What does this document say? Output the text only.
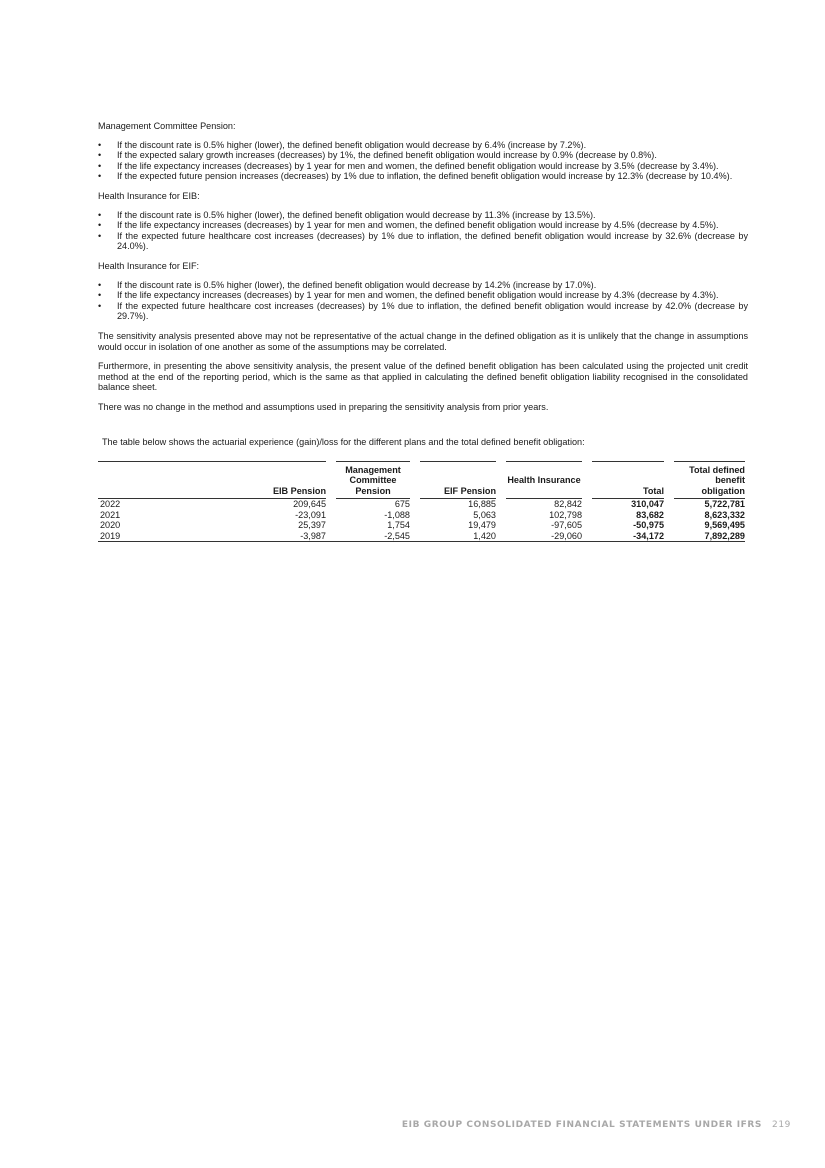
Management Committee Pension:

• If the discount rate is 0.5% higher (lower), the defined benefit obligation would decrease by 6.4% (increase by 7.2%).
• If the expected salary growth increases (decreases) by 1%, the defined benefit obligation would increase by 0.9% (decrease by 0.8%).
• If the life expectancy increases (decreases) by 1 year for men and women, the defined benefit obligation would increase by 3.5% (decrease by 3.4%).
• If the expected future pension increases (decreases) by 1% due to inflation, the defined benefit obligation would increase by 12.3% (decrease by 10.4%).

Health Insurance for EIB:

• If the discount rate is 0.5% higher (lower), the defined benefit obligation would decrease by 11.3% (increase by 13.5%).
• If the life expectancy increases (decreases) by 1 year for men and women, the defined benefit obligation would increase by 4.5% (decrease by 4.5%).
• If the expected future healthcare cost increases (decreases) by 1% due to inflation, the defined benefit obligation would increase by 32.6% (decrease by 24.0%).

Health Insurance for EIF:

• If the discount rate is 0.5% higher (lower), the defined benefit obligation would decrease by 14.2% (increase by 17.0%).
• If the life expectancy increases (decreases) by 1 year for men and women, the defined benefit obligation would increase by 4.3% (decrease by 4.3%).
• If the expected future healthcare cost increases (decreases) by 1% due to inflation, the defined benefit obligation would increase by 42.0% (decrease by 29.7%).

The sensitivity analysis presented above may not be representative of the actual change in the defined obligation as it is unlikely that the change in assumptions would occur in isolation of one another as some of the assumptions may be correlated.

Furthermore, in presenting the above sensitivity analysis, the present value of the defined benefit obligation has been calculated using the projected unit credit method at the end of the reporting period, which is the same as that applied in calculating the defined benefit obligation liability recognised in the consolidated balance sheet.

There was no change in the method and assumptions used in preparing the sensitivity analysis from prior years.

The table below shows the actuarial experience (gain)/loss for the different plans and the total defined benefit obligation:

	EIB Pension		Management Committee Pension		EIF Pension		Health Insurance		Total		Total defined benefit obligation
2022	209,645		675		16,885		82,842		310,047		5,722,781
2021	-23,091		-1,088		5,063		102,798		83,682		8,623,332
2020	25,397		1,754		19,479		-97,605		-50,975		9,569,495
2019	-3,987		-2,545		1,420		-29,060		-34,172		7,892,289
EIB GROUP CONSOLIDATED FINANCIAL STATEMENTS UNDER IFRS 219
